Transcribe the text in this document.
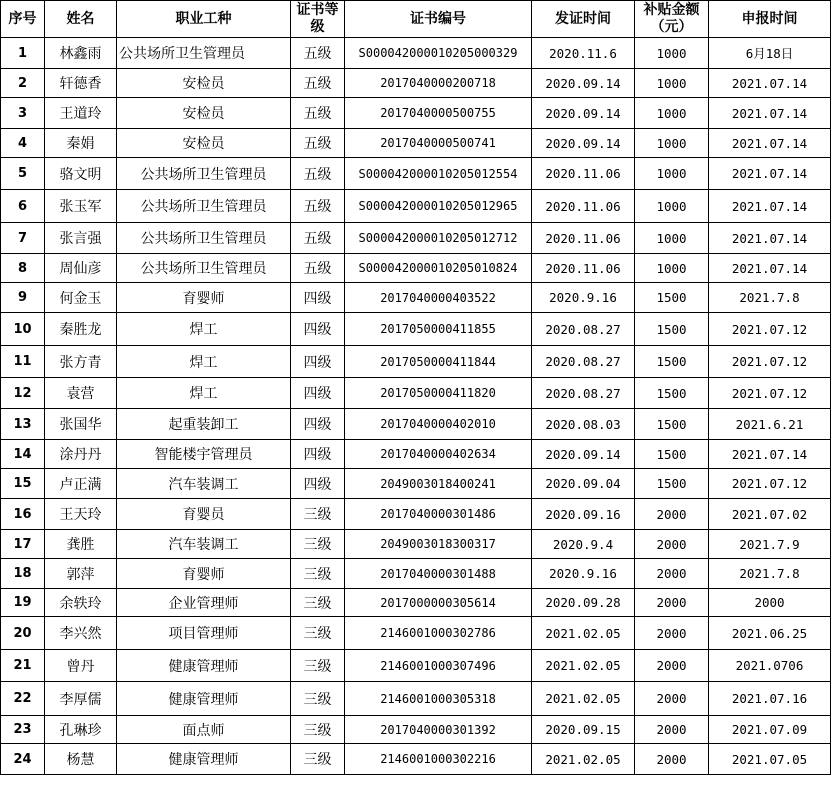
序号	姓名	职业工种	证书等级	证书编号	发证时间	补贴金额（元）	申报时间
1	林鑫雨	公共场所卫生管理员	五级	S000042000010205000329	2020.11.6	1000	6月18日
2	轩德香	安检员	五级	2017040000200718	2020.09.14	1000	2021.07.14
3	王道玲	安检员	五级	2017040000500755	2020.09.14	1000	2021.07.14
4	秦娟	安检员	五级	2017040000500741	2020.09.14	1000	2021.07.14
5	骆文明	公共场所卫生管理员	五级	S000042000010205012554	2020.11.06	1000	2021.07.14
6	张玉军	公共场所卫生管理员	五级	S000042000010205012965	2020.11.06	1000	2021.07.14
7	张言强	公共场所卫生管理员	五级	S000042000010205012712	2020.11.06	1000	2021.07.14
8	周仙彦	公共场所卫生管理员	五级	S000042000010205010824	2020.11.06	1000	2021.07.14
9	何金玉	育婴师	四级	2017040000403522	2020.9.16	1500	2021.7.8
10	秦胜龙	焊工	四级	2017050000411855	2020.08.27	1500	2021.07.12
11	张方青	焊工	四级	2017050000411844	2020.08.27	1500	2021.07.12
12	袁营	焊工	四级	2017050000411820	2020.08.27	1500	2021.07.12
13	张国华	起重装卸工	四级	2017040000402010	2020.08.03	1500	2021.6.21
14	涂丹丹	智能楼宇管理员	四级	2017040000402634	2020.09.14	1500	2021.07.14
15	卢正满	汽车装调工	四级	2049003018400241	2020.09.04	1500	2021.07.12
16	王天玲	育婴员	三级	2017040000301486	2020.09.16	2000	2021.07.02
17	龚胜	汽车装调工	三级	2049003018300317	2020.9.4	2000	2021.7.9
18	郭萍	育婴师	三级	2017040000301488	2020.9.16	2000	2021.7.8
19	余轶玲	企业管理师	三级	2017000000305614	2020.09.28	2000	2000
20	李兴然	项目管理师	三级	2146001000302786	2021.02.05	2000	2021.06.25
21	曾丹	健康管理师	三级	2146001000307496	2021.02.05	2000	2021.0706
22	李厚儒	健康管理师	三级	2146001000305318	2021.02.05	2000	2021.07.16
23	孔琳珍	面点师	三级	2017040000301392	2020.09.15	2000	2021.07.09
24	杨慧	健康管理师	三级	2146001000302216	2021.02.05	2000	2021.07.05
